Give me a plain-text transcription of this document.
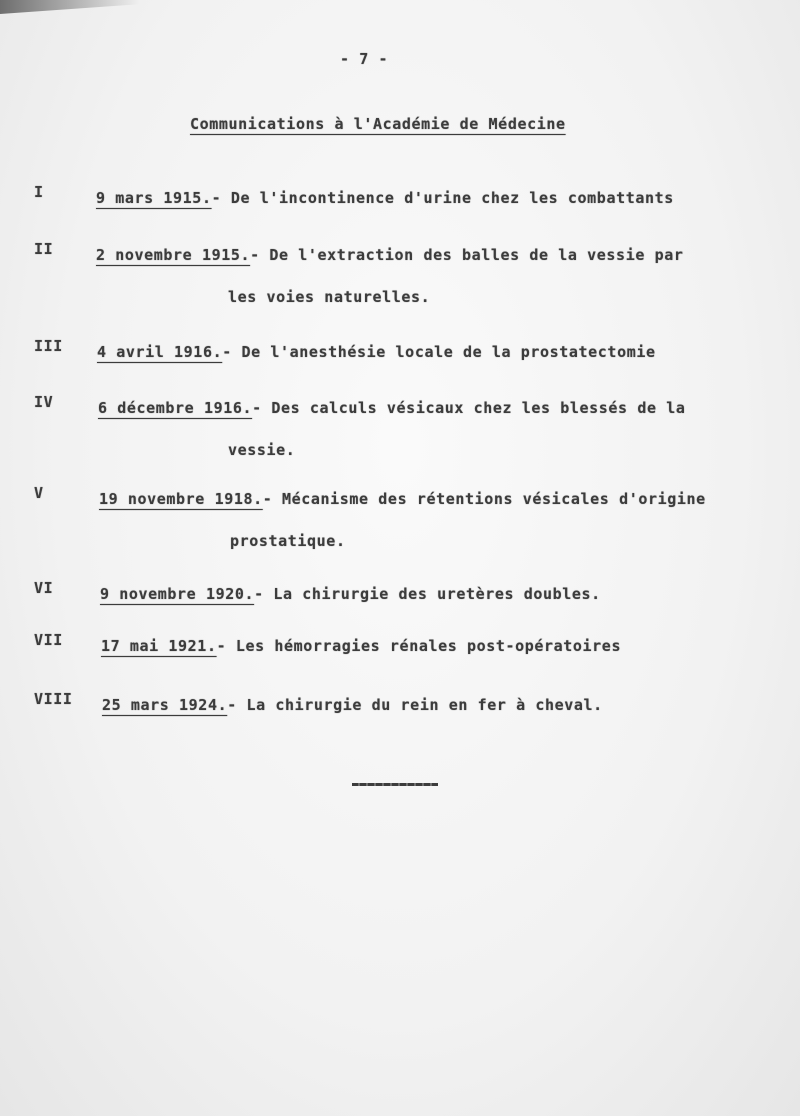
- 7 -
Communications à l'Académie de Médecine
I	9 mars 1915.- De l'incontinence d'urine chez les combattants
II	2 novembre 1915.- De l'extraction des balles de la vessie par
les voies naturelles.
III 4 avril 1916.- De l'anesthésie locale de la prostatectomie
IV	6 décembre 1916.- Des calculs vésicaux chez les blessés de la
vessie.
V	19 novembre 1918.- Mécanisme des rétentions vésicales d'origine
prostatique.
VI	9 novembre 1920.- La chirurgie des uretères doubles.
VII	17 mai 1921.- Les hémorragies rénales post-opératoires
VIII 25 mars 1924.- La chirurgie du rein en fer à cheval.
